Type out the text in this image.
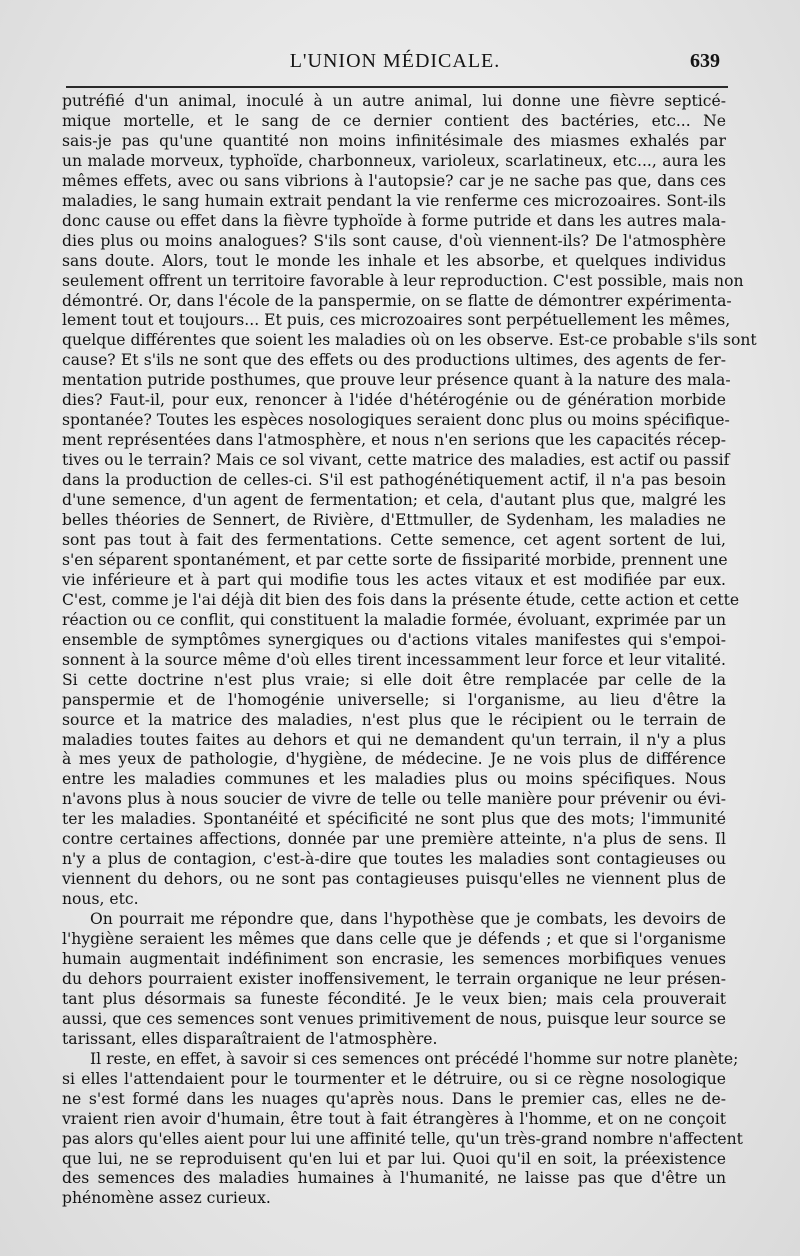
L'UNION MÉDICALE.	639
putréfié d'un animal, inoculé à un autre animal, lui donne une fièvre septicé-
mique mortelle, et le sang de ce dernier contient des bactéries, etc... Ne
sais-je pas qu'une quantité non moins infinitésimale des miasmes exhalés par
un malade morveux, typhoïde, charbonneux, varioleux, scarlatineux, etc..., aura les
mêmes effets, avec ou sans vibrions à l'autopsie? car je ne sache pas que, dans ces
maladies, le sang humain extrait pendant la vie renferme ces microzoaires. Sont-ils
donc cause ou effet dans la fièvre typhoïde à forme putride et dans les autres mala-
dies plus ou moins analogues? S'ils sont cause, d'où viennent-ils? De l'atmosphère
sans doute. Alors, tout le monde les inhale et les absorbe, et quelques individus
seulement offrent un territoire favorable à leur reproduction. C'est possible, mais non
démontré. Or, dans l'école de la panspermie, on se flatte de démontrer expérimenta-
lement tout et toujours... Et puis, ces microzoaires sont perpétuellement les mêmes,
quelque différentes que soient les maladies où on les observe. Est-ce probable s'ils sont
cause? Et s'ils ne sont que des effets ou des productions ultimes, des agents de fer-
mentation putride posthumes, que prouve leur présence quant à la nature des mala-
dies? Faut-il, pour eux, renoncer à l'idée d'hétérogénie ou de génération morbide
spontanée? Toutes les espèces nosologiques seraient donc plus ou moins spécifique-
ment représentées dans l'atmosphère, et nous n'en serions que les capacités récep-
tives ou le terrain? Mais ce sol vivant, cette matrice des maladies, est actif ou passif
dans la production de celles-ci. S'il est pathogénétiquement actif, il n'a pas besoin
d'une semence, d'un agent de fermentation; et cela, d'autant plus que, malgré les
belles théories de Sennert, de Rivière, d'Ettmuller, de Sydenham, les maladies ne
sont pas tout à fait des fermentations. Cette semence, cet agent sortent de lui,
s'en séparent spontanément, et par cette sorte de fissiparité morbide, prennent une
vie inférieure et à part qui modifie tous les actes vitaux et est modifiée par eux.
C'est, comme je l'ai déjà dit bien des fois dans la présente étude, cette action et cette
réaction ou ce conflit, qui constituent la maladie formée, évoluant, exprimée par un
ensemble de symptômes synergiques ou d'actions vitales manifestes qui s'empoi-
sonnent à la source même d'où elles tirent incessamment leur force et leur vitalité.
Si cette doctrine n'est plus vraie; si elle doit être remplacée par celle de la
panspermie et de l'homogénie universelle; si l'organisme, au lieu d'être la
source et la matrice des maladies, n'est plus que le récipient ou le terrain de
maladies toutes faites au dehors et qui ne demandent qu'un terrain, il n'y a plus
à mes yeux de pathologie, d'hygiène, de médecine. Je ne vois plus de différence
entre les maladies communes et les maladies plus ou moins spécifiques. Nous
n'avons plus à nous soucier de vivre de telle ou telle manière pour prévenir ou évi-
ter les maladies. Spontanéité et spécificité ne sont plus que des mots; l'immunité
contre certaines affections, donnée par une première atteinte, n'a plus de sens. Il
n'y a plus de contagion, c'est-à-dire que toutes les maladies sont contagieuses ou
viennent du dehors, ou ne sont pas contagieuses puisqu'elles ne viennent plus de
nous, etc.
On pourrait me répondre que, dans l'hypothèse que je combats, les devoirs de
l'hygiène seraient les mêmes que dans celle que je défends ; et que si l'organisme
humain augmentait indéfiniment son encrasie, les semences morbifiques venues
du dehors pourraient exister inoffensivement, le terrain organique ne leur présen-
tant plus désormais sa funeste fécondité. Je le veux bien; mais cela prouverait
aussi, que ces semences sont venues primitivement de nous, puisque leur source se
tarissant, elles disparaîtraient de l'atmosphère.
Il reste, en effet, à savoir si ces semences ont précédé l'homme sur notre planète;
si elles l'attendaient pour le tourmenter et le détruire, ou si ce règne nosologique
ne s'est formé dans les nuages qu'après nous. Dans le premier cas, elles ne de-
vraient rien avoir d'humain, être tout à fait étrangères à l'homme, et on ne conçoit
pas alors qu'elles aient pour lui une affinité telle, qu'un très-grand nombre n'affectent
que lui, ne se reproduisent qu'en lui et par lui. Quoi qu'il en soit, la préexistence
des semences des maladies humaines à l'humanité, ne laisse pas que d'être un
phénomène assez curieux.
